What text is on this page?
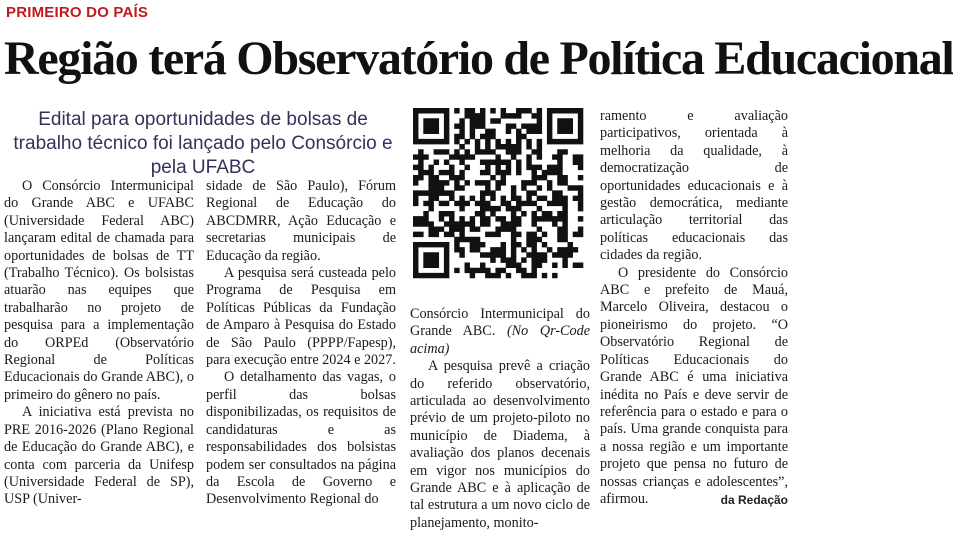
PRIMEIRO DO PAÍS
Região terá Observatório de Política Educacional
Edital para oportunidades de bolsas de trabalho técnico foi lançado pelo Consórcio e pela UFABC

O Consórcio Intermunicipal do Grande ABC e UFABC (Universidade Federal ABC) lançaram edital de chamada para oportunidades de bolsas de TT (Trabalho Técnico). Os bolsistas atuarão nas equipes que trabalharão no projeto de pesquisa para a implementação do ORPEd (Observatório Regional de Políticas Educacionais do Grande ABC), o primeiro do gênero no país.

A iniciativa está prevista no PRE 2016-2026 (Plano Regional de Educação do Grande ABC), e conta com parceria da Unifesp (Universidade Federal de SP), USP (Univer-

sidade de São Paulo), Fórum Regional de Educação do ABCDMRR, Ação Educação e secretarias municipais de Educação da região.

A pesquisa será custeada pelo Programa de Pesquisa em Políticas Públicas da Fundação de Amparo à Pesquisa do Estado de São Paulo (PPPP/Fapesp), para execução entre 2024 e 2027.

O detalhamento das vagas, o perfil das bolsas disponibilizadas, os requisitos de candidaturas e as responsabilidades dos bolsistas podem ser consultados na página da Escola de Governo e Desenvolvimento Regional do

Consórcio Intermunicipal do Grande ABC. (No Qr-Code acima)

A pesquisa prevê a criação do referido observatório, articulada ao desenvolvimento prévio de um projeto-piloto no município de Diadema, à avaliação dos planos decenais em vigor nos municípios do Grande ABC e à aplicação de tal estrutura a um novo ciclo de planejamento, monito-

ramento e avaliação participativos, orientada à melhoria da qualidade, à democratização de oportunidades educacionais e à gestão democrática, mediante articulação territorial das políticas educacionais das cidades da região.

O presidente do Consórcio ABC e prefeito de Mauá, Marcelo Oliveira, destacou o pioneirismo do projeto. “O Observatório Regional de Políticas Educacionais do Grande ABC é uma iniciativa inédita no País e deve servir de referência para o estado e para o país. Uma grande conquista para a nossa região e um importante projeto que pensa no futuro de nossas crianças e adolescentes”, afirmou.	da Redação
